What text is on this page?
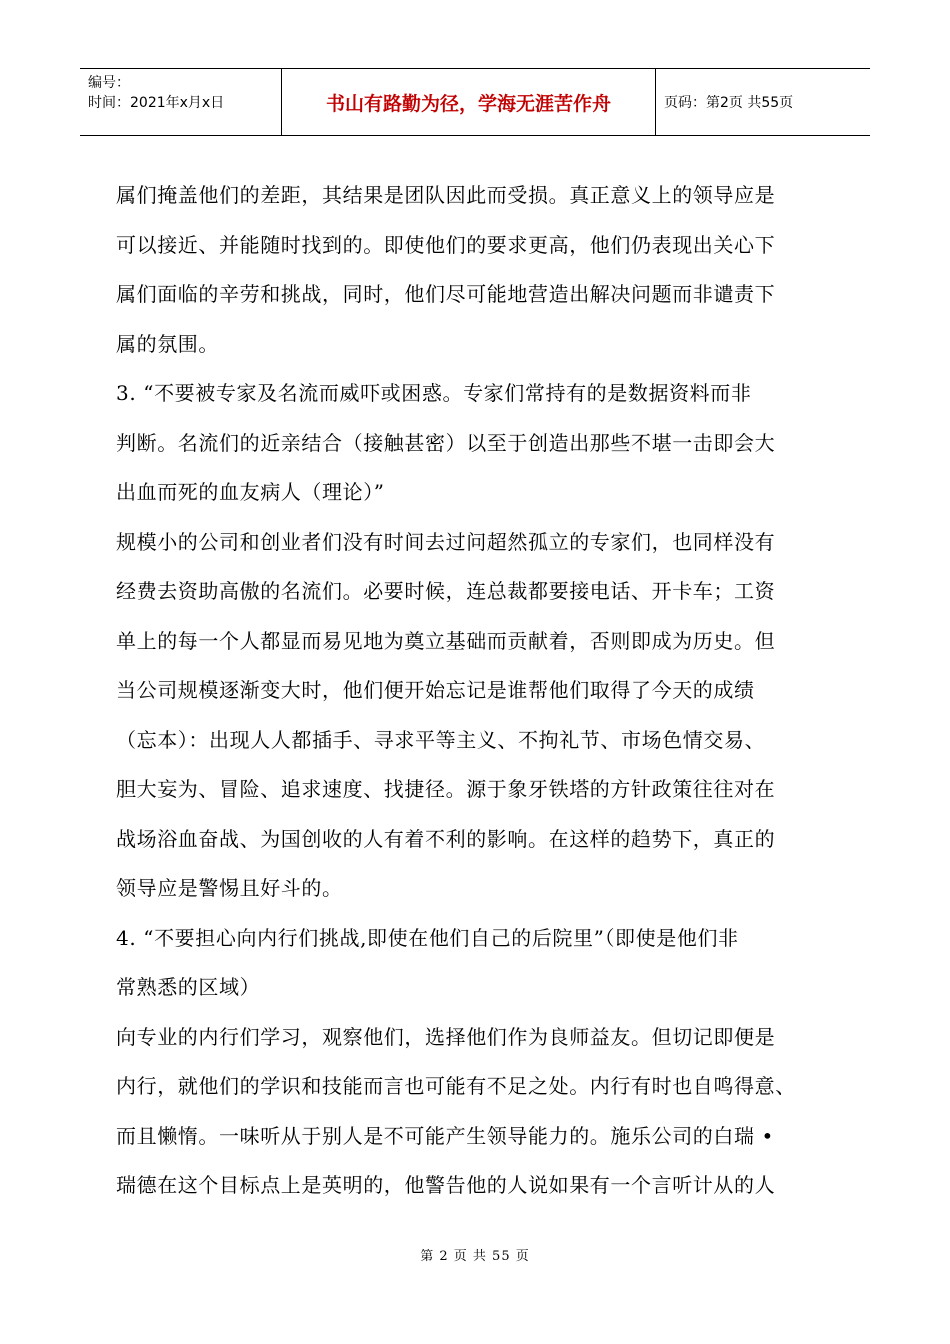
编号：
时间：2021年x月x日	书山有路勤为径，学海无涯苦作舟	页码：第2页 共55页
属们掩盖他们的差距，其结果是团队因此而受损。真正意义上的领导应是
可以接近、并能随时找到的。即使他们的要求更高，他们仍表现出关心下
属们面临的辛劳和挑战，同时，他们尽可能地营造出解决问题而非谴责下
属的氛围。
3. “不要被专家及名流而威吓或困惑。专家们常持有的是数据资料而非
判断。名流们的近亲结合（接触甚密）以至于创造出那些不堪一击即会大
出血而死的血友病人（理论）”
规模小的公司和创业者们没有时间去过问超然孤立的专家们，也同样没有
经费去资助高傲的名流们。必要时候，连总裁都要接电话、开卡车；工资
单上的每一个人都显而易见地为奠立基础而贡献着，否则即成为历史。但
当公司规模逐渐变大时，他们便开始忘记是谁帮他们取得了今天的成绩
（忘本）：出现人人都插手、寻求平等主义、不拘礼节、市场色情交易、
胆大妄为、冒险、追求速度、找捷径。源于象牙铁塔的方针政策往往对在
战场浴血奋战、为国创收的人有着不利的影响。在这样的趋势下，真正的
领导应是警惕且好斗的。
4. “不要担心向内行们挑战,即使在他们自己的后院里”（即使是他们非
常熟悉的区域）
向专业的内行们学习，观察他们，选择他们作为良师益友。但切记即便是
内行，就他们的学识和技能而言也可能有不足之处。内行有时也自鸣得意、
而且懒惰。一味听从于别人是不可能产生领导能力的。施乐公司的白瑞 •
瑞德在这个目标点上是英明的，他警告他的人说如果有一个言听计从的人
第 2 页 共 55 页
